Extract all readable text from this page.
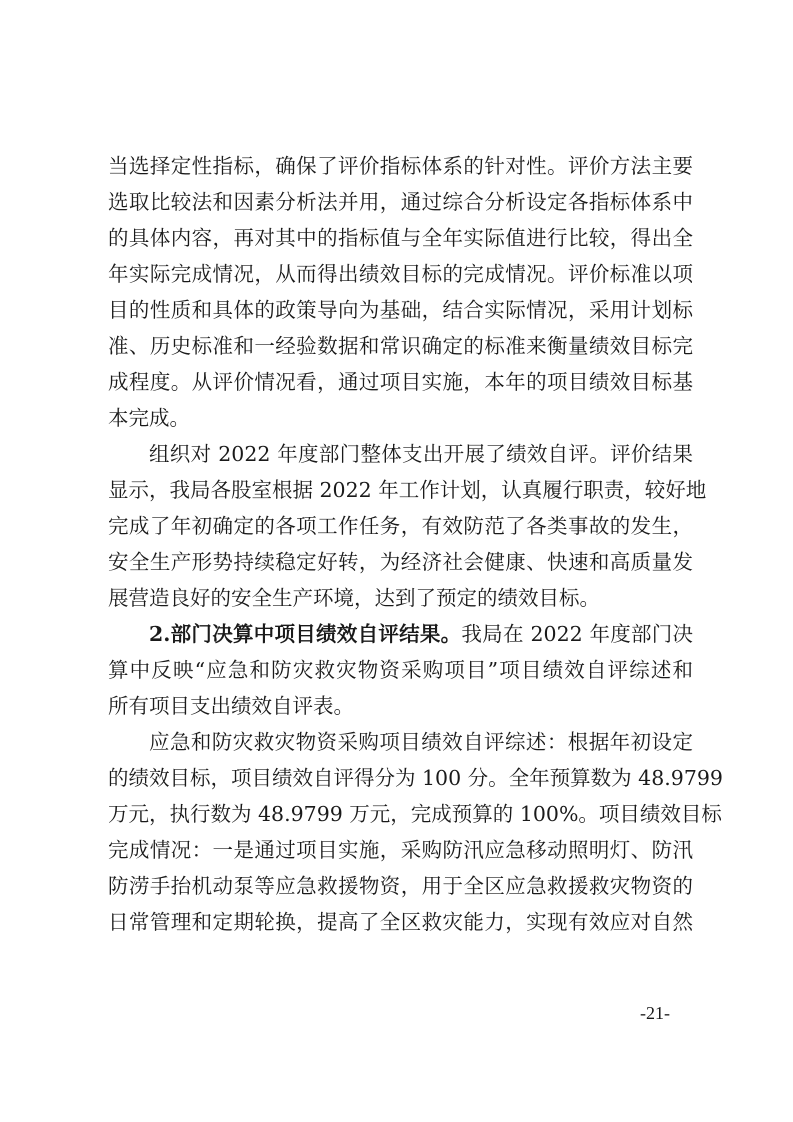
当选择定性指标，确保了评价指标体系的针对性。评价方法主要
选取比较法和因素分析法并用，通过综合分析设定各指标体系中
的具体内容，再对其中的指标值与全年实际值进行比较，得出全
年实际完成情况，从而得出绩效目标的完成情况。评价标准以项
目的性质和具体的政策导向为基础，结合实际情况，采用计划标
准、历史标准和一经验数据和常识确定的标准来衡量绩效目标完
成程度。从评价情况看，通过项目实施，本年的项目绩效目标基
本完成。
组织对 2022 年度部门整体支出开展了绩效自评。评价结果
显示，我局各股室根据 2022 年工作计划，认真履行职责，较好地
完成了年初确定的各项工作任务，有效防范了各类事故的发生，
安全生产形势持续稳定好转，为经济社会健康、快速和高质量发
展营造良好的安全生产环境，达到了预定的绩效目标。
2.部门决算中项目绩效自评结果。我局在 2022 年度部门决
算中反映“应急和防灾救灾物资采购项目”项目绩效自评综述和
所有项目支出绩效自评表。
应急和防灾救灾物资采购项目绩效自评综述：根据年初设定
的绩效目标，项目绩效自评得分为 100 分。全年预算数为 48.9799
万元，执行数为 48.9799 万元，完成预算的 100%。项目绩效目标
完成情况：一是通过项目实施，采购防汛应急移动照明灯、防汛
防涝手抬机动泵等应急救援物资，用于全区应急救援救灾物资的
日常管理和定期轮换，提高了全区救灾能力，实现有效应对自然
-21-
